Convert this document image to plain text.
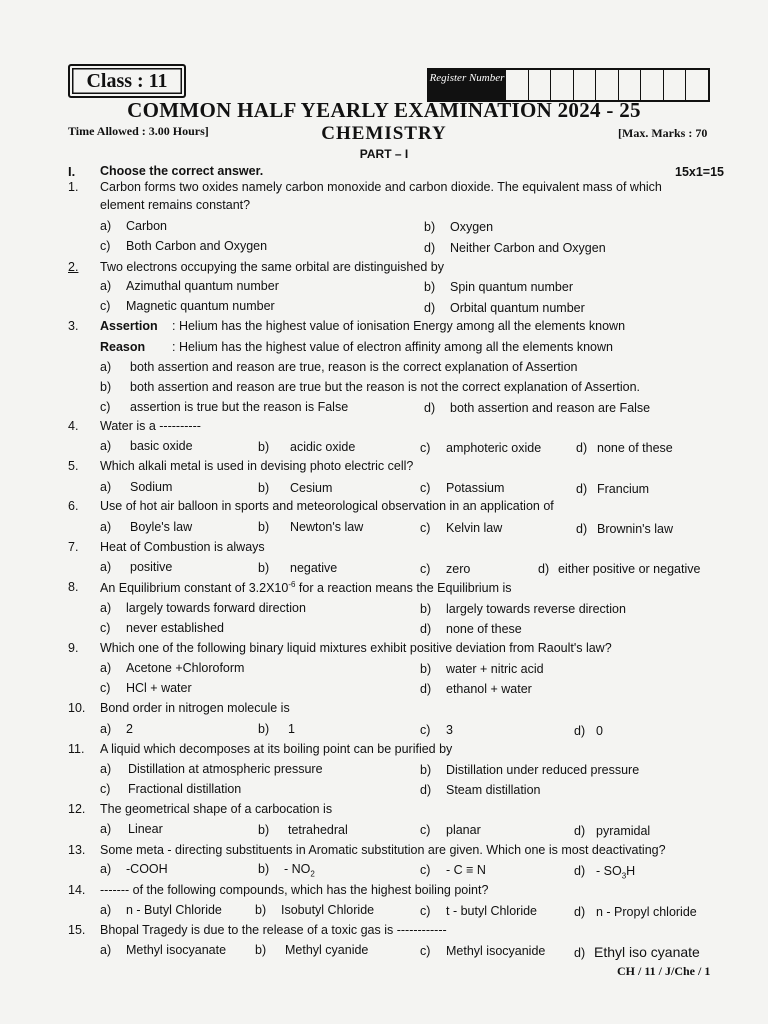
Class : 11	Register Number
COMMON HALF YEARLY EXAMINATION 2024 - 25
Time Allowed : 3.00 Hours]	CHEMISTRY	[Max. Marks : 70
PART – I
I. Choose the correct answer.	15x1=15
1. Carbon forms two oxides namely carbon monoxide and carbon dioxide. The equivalent mass of which
element remains constant?
a) Carbon	b) Oxygen
c) Both Carbon and Oxygen	d) Neither Carbon and Oxygen
2. Two electrons occupying the same orbital are distinguished by
a) Azimuthal quantum number	b) Spin quantum number
c) Magnetic quantum number	d) Orbital quantum number
3. Assertion : Helium has the highest value of ionisation Energy among all the elements known
Reason : Helium has the highest value of electron affinity among all the elements known
a) both assertion and reason are true, reason is the correct explanation of Assertion
b) both assertion and reason are true but the reason is not the correct explanation of Assertion.
c) assertion is true but the reason is False	d) both assertion and reason are False
4. Water is a ----------
a) basic oxide	b) acidic oxide	c) amphoteric oxide	d) none of these
5. Which alkali metal is used in devising photo electric cell?
a) Sodium	b) Cesium	c) Potassium	d) Francium
6. Use of hot air balloon in sports and meteorological observation in an application of
a) Boyle's law	b) Newton's law	c) Kelvin law	d) Brownin's law
7. Heat of Combustion is always
a) positive	b) negative	c) zero	d) either positive or negative
8. An Equilibrium constant of $3.2X10^{-6}$ for a reaction means the Equilibrium is
a) largely towards forward direction	b) largely towards reverse direction
c) never established	d) none of these
9. Which one of the following binary liquid mixtures exhibit positive deviation from Raoult's law?
a) Acetone +Chloroform	b) water + nitric acid
c) HCl + water	d) ethanol + water
10. Bond order in nitrogen molecule is
a) 2	b) 1	c) 3	d) 0
11. A liquid which decomposes at its boiling point can be purified by
a) Distillation at atmospheric pressure	b) Distillation under reduced pressure
c) Fractional distillation	d) Steam distillation
12. The geometrical shape of a carbocation is
a) Linear	b) tetrahedral	c) planar	d) pyramidal
13. Some meta - directing substituents in Aromatic substitution are given. Which one is most deactivating?
a) -COOH	$b) - NO_2$	c) - C ≡ N	$d) - SO_3H$
14. ------- of the following compounds, which has the highest boiling point?
a) n - Butyl Chloride	b) Isobutyl Chloride	c) t - butyl Chloride	d) n - Propyl chloride
15. Bhopal Tragedy is due to the release of a toxic gas is ------------
a) Methyl isocyanate b) Methyl cyanide	c) Methyl isocyanide d) Ethyl iso cyanate
CH / 11 / J/Che / 1
